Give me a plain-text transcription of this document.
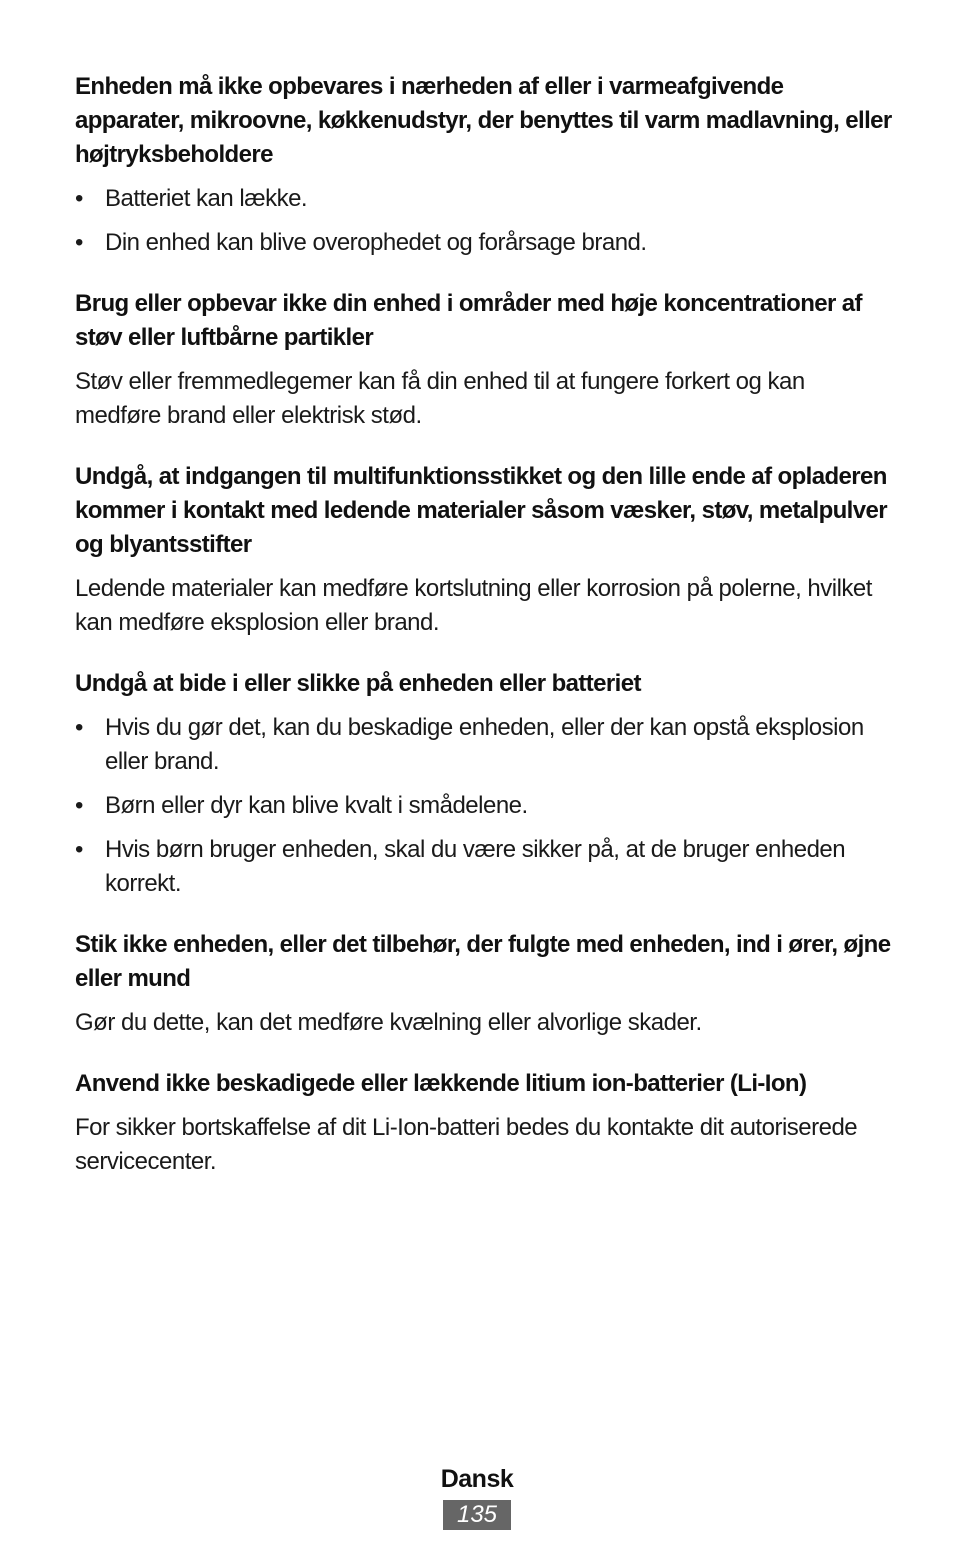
Enheden må ikke opbevares i nærheden af eller i varmeafgivende apparater, mikroovne, køkkenudstyr, der benyttes til varm madlavning, eller højtryksbeholdere
• Batteriet kan lække.
• Din enhed kan blive overophedet og forårsage brand.
Brug eller opbevar ikke din enhed i områder med høje koncentrationer af støv eller luftbårne partikler

Støv eller fremmedlegemer kan få din enhed til at fungere forkert og kan medføre brand eller elektrisk stød.

Undgå, at indgangen til multifunktionsstikket og den lille ende af opladeren kommer i kontakt med ledende materialer såsom væsker, støv, metalpulver og blyantsstifter

Ledende materialer kan medføre kortslutning eller korrosion på polerne, hvilket kan medføre eksplosion eller brand.

Undgå at bide i eller slikke på enheden eller batteriet
• Hvis du gør det, kan du beskadige enheden, eller der kan opstå eksplosion eller brand.
• Børn eller dyr kan blive kvalt i smådelene.
• Hvis børn bruger enheden, skal du være sikker på, at de bruger enheden korrekt.
Stik ikke enheden, eller det tilbehør, der fulgte med enheden, ind i ører, øjne eller mund

Gør du dette, kan det medføre kvælning eller alvorlige skader.

Anvend ikke beskadigede eller lækkende litium ion-batterier (Li-Ion)

For sikker bortskaffelse af dit Li-Ion-batteri bedes du kontakte dit autoriserede servicecenter.

Dansk
135
